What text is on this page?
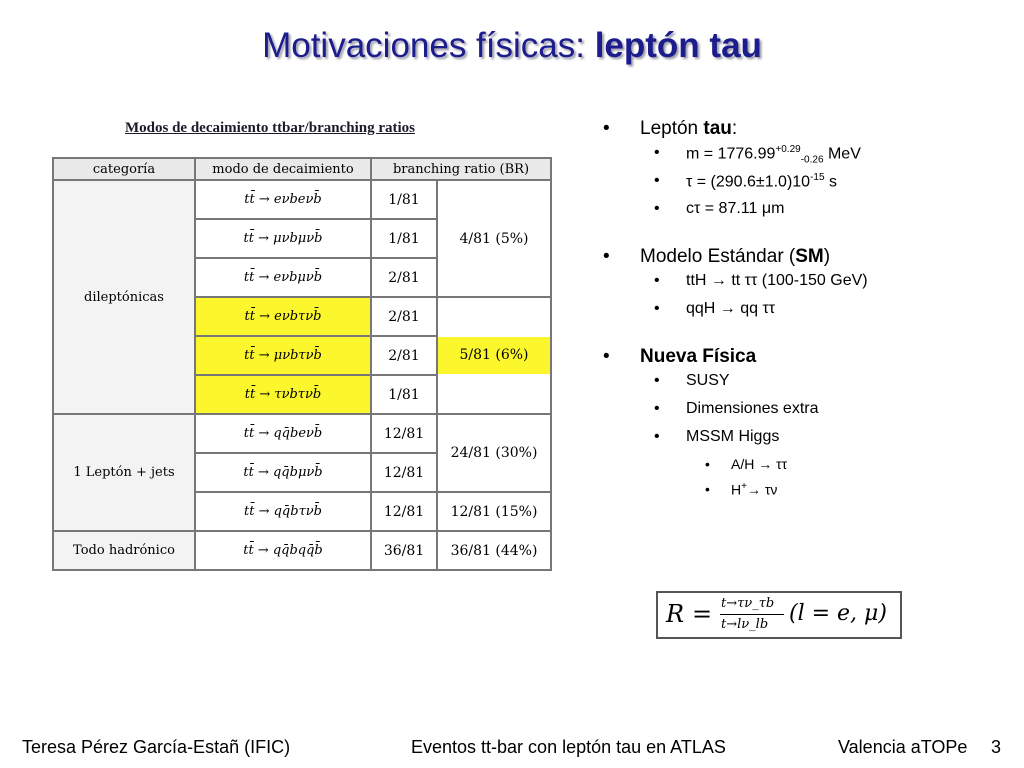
Motivaciones físicas: leptón tau
Modos de decaimiento ttbar/branching ratios
categoría	modo de decaimiento	branching ratio (BR)	
dileptónicas	tt̄ → eνbeνb̄	1/81	4/81 (5%)
	tt̄ → μνbμνb̄	1/81	
	tt̄ → eνbμνb̄	2/81	
	tt̄ → eνbτνb̄	2/81	5/81 (6%)

	tt̄ → μνbτνb̄	2/81	
	tt̄ → τνbτνb̄	1/81	
1 Leptón + jets	tt̄ → qq̄beνb̄	12/81	24/81 (30%)
	tt̄ → qq̄bμνb̄	12/81	
	tt̄ → qq̄bτνb̄	12/81	12/81 (15%)
Todo hadrónico	tt̄ → qq̄bqq̄b̄	36/81	36/81 (44%)
• Leptón tau:
• $m = 1776.99^{+0.29}_{-0.26}$ MeV
• $\tau = (290.6\pm 1.0)10^{-15}$ s
• cτ = 87.11 μm
• Modelo Estándar (SM)
• ttH → tt ττ (100-150 GeV)
• qqH → qq ττ
• Nueva Física
• SUSY
• Dimensiones extra
• MSSM Higgs
• A/H → ττ
• H+→ τν
R = t→τν_τb
t→lν_lb (l = e, μ)
Teresa Pérez García-Estañ (IFIC)	Eventos tt-bar con leptón tau en ATLAS	Valencia aTOPe 3
